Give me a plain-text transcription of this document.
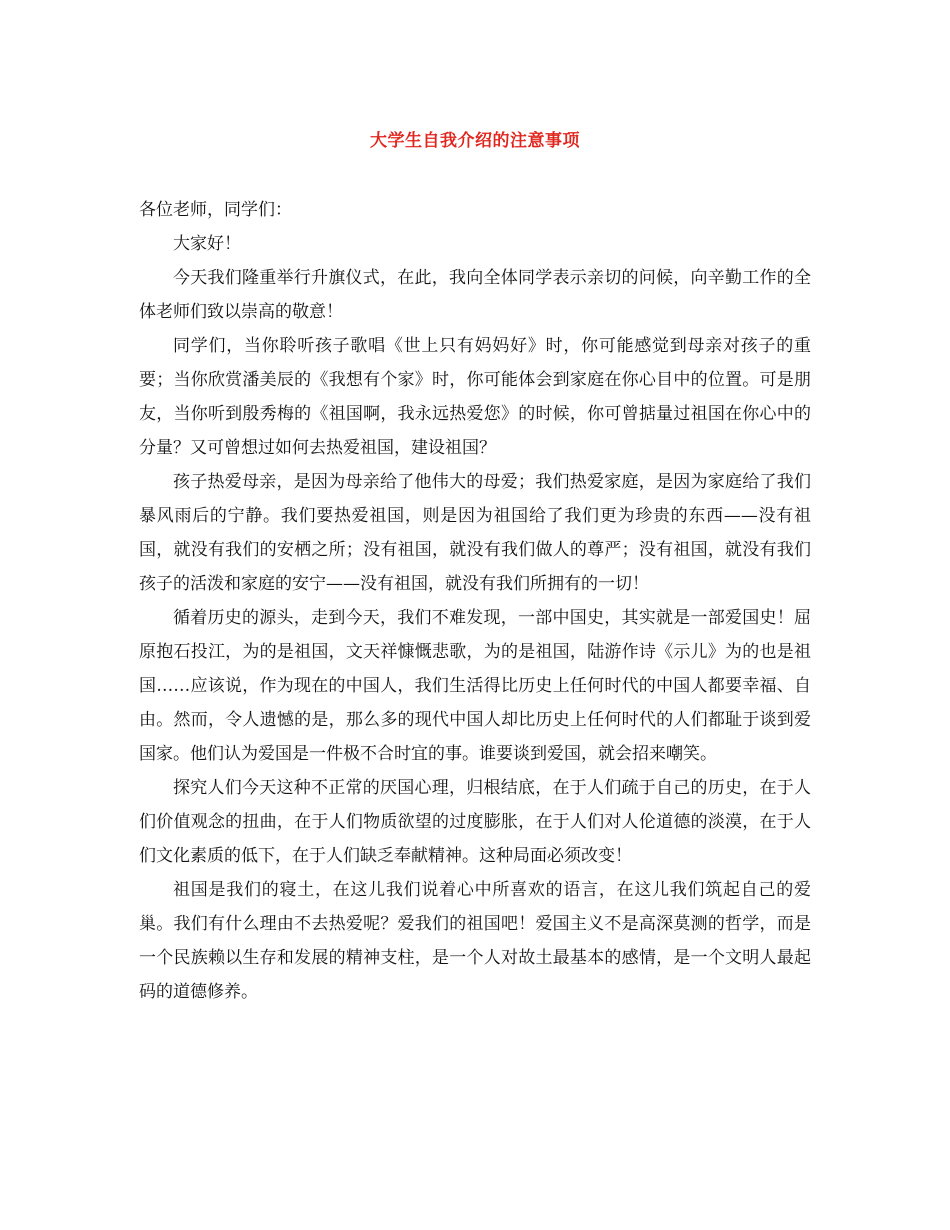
大学生自我介绍的注意事项

各位老师，同学们：

大家好！

今天我们隆重举行升旗仪式，在此，我向全体同学表示亲切的问候，向辛勤工作的全体老师们致以崇高的敬意！

同学们，当你聆听孩子歌唱《世上只有妈妈好》时，你可能感觉到母亲对孩子的重要；当你欣赏潘美辰的《我想有个家》时，你可能体会到家庭在你心目中的位置。可是朋友，当你听到殷秀梅的《祖国啊，我永远热爱您》的时候，你可曾掂量过祖国在你心中的分量？又可曾想过如何去热爱祖国，建设祖国？

孩子热爱母亲，是因为母亲给了他伟大的母爱；我们热爱家庭，是因为家庭给了我们暴风雨后的宁静。我们要热爱祖国，则是因为祖国给了我们更为珍贵的东西——没有祖国，就没有我们的安栖之所；没有祖国，就没有我们做人的尊严；没有祖国，就没有我们孩子的活泼和家庭的安宁——没有祖国，就没有我们所拥有的一切！

循着历史的源头，走到今天，我们不难发现，一部中国史，其实就是一部爱国史！屈原抱石投江，为的是祖国，文天祥慷慨悲歌，为的是祖国，陆游作诗《示儿》为的也是祖国……应该说，作为现在的中国人，我们生活得比历史上任何时代的中国人都要幸福、自由。然而，令人遗憾的是，那么多的现代中国人却比历史上任何时代的人们都耻于谈到爱国家。他们认为爱国是一件极不合时宜的事。谁要谈到爱国，就会招来嘲笑。

探究人们今天这种不正常的厌国心理，归根结底，在于人们疏于自己的历史，在于人们价值观念的扭曲，在于人们物质欲望的过度膨胀，在于人们对人伦道德的淡漠，在于人们文化素质的低下，在于人们缺乏奉献精神。这种局面必须改变！

祖国是我们的寝土，在这儿我们说着心中所喜欢的语言，在这儿我们筑起自己的爱巢。我们有什么理由不去热爱呢？爱我们的祖国吧！爱国主义不是高深莫测的哲学，而是一个民族赖以生存和发展的精神支柱，是一个人对故土最基本的感情，是一个文明人最起码的道德修养。
